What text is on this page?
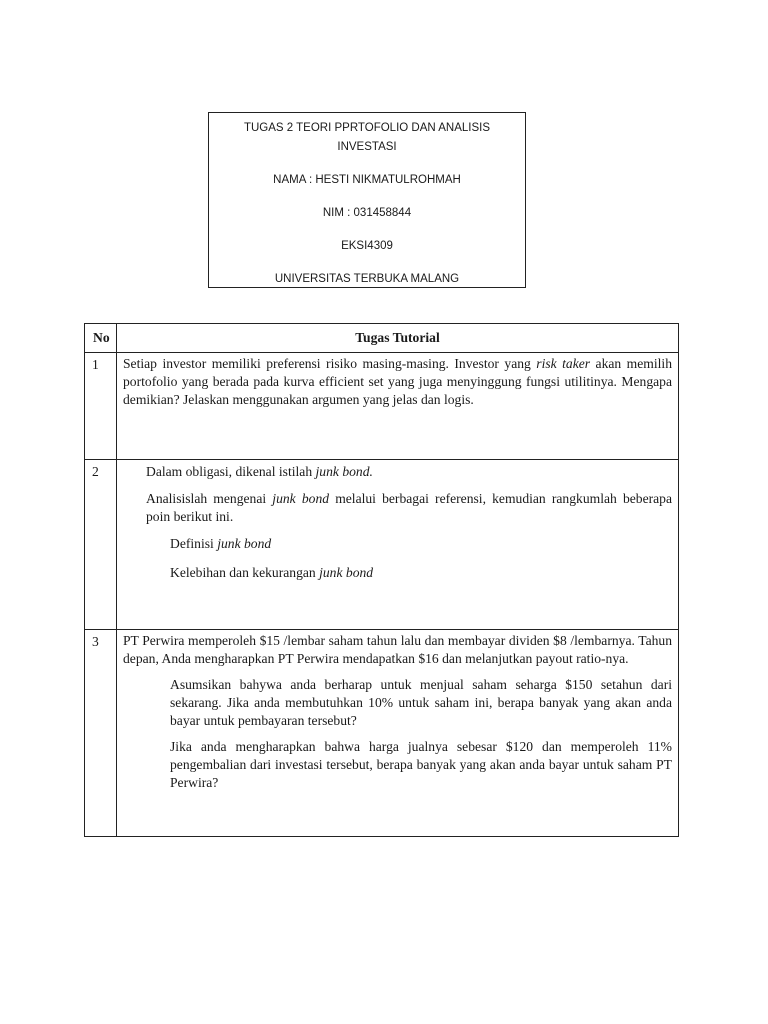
TUGAS 2 TEORI PPRTOFOLIO DAN ANALISIS
INVESTASI
NAMA : HESTI NIKMATULROHMAH
NIM : 031458844
EKSI4309
UNIVERSITAS TERBUKA MALANG
No	Tugas Tutorial
1	Setiap investor memiliki preferensi risiko masing-masing. Investor yang risk taker akan memilih portofolio yang berada pada kurva efficient set yang juga menyinggung fungsi utilitinya. Mengapa demikian? Jelaskan menggunakan argumen yang jelas dan logis.

2	Dalam obligasi, dikenal istilah junk bond.

Analisislah mengenai junk bond melalui berbagai referensi, kemudian rangkumlah beberapa poin berikut ini.

Definisi junk bond

Kelebihan dan kekurangan junk bond

3	PT Perwira memperoleh $15 /lembar saham tahun lalu dan membayar dividen $8 /lembarnya. Tahun depan, Anda mengharapkan PT Perwira mendapatkan $16 dan melanjutkan payout ratio-nya.

Asumsikan bahywa anda berharap untuk menjual saham seharga $150 setahun dari sekarang. Jika anda membutuhkan 10% untuk saham ini, berapa banyak yang akan anda bayar untuk pembayaran tersebut?

Jika anda mengharapkan bahwa harga jualnya sebesar $120 dan memperoleh 11% pengembalian dari investasi tersebut, berapa banyak yang akan anda bayar untuk saham PT Perwira?
